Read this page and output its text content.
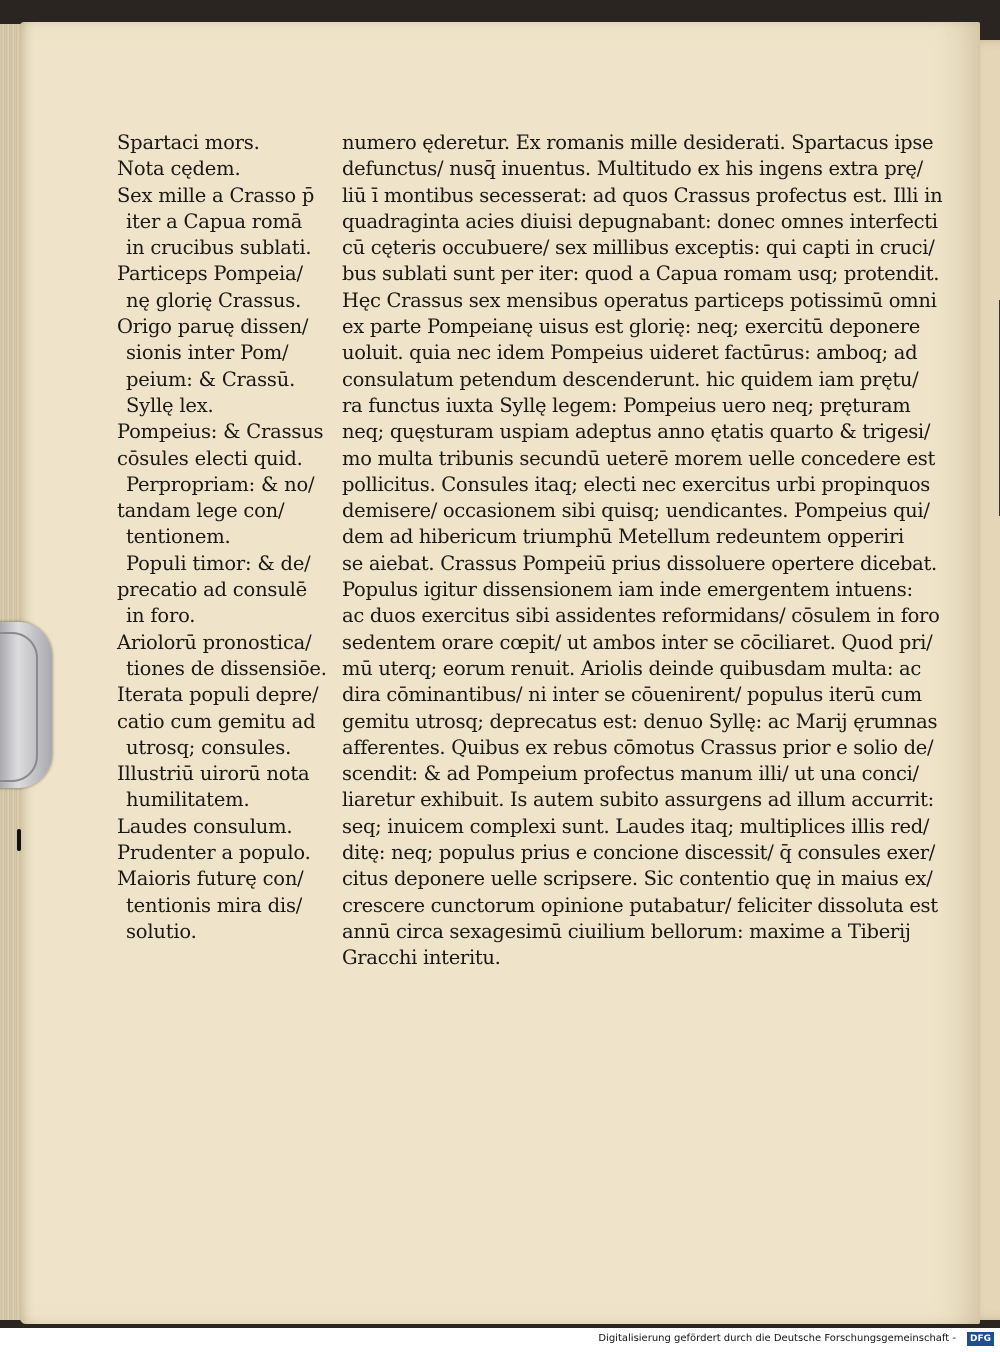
Spartaci mors.
Nota cędem.
Sex mille a Crasso p̄
iter a Capua romā
in crucibus sublati.
Particeps Pompeia/
nę glorię Crassus.
Origo paruę dissen/
sionis inter Pom/
peium: & Crassū.
Syllę lex.
Pompeius: & Crassus
cōsules electi quid.
Perpropriam: & no/
tandam lege con/
tentionem.
Populi timor: & de/
precatio ad consulē
in foro.
Ariolorū pronostica/
tiones de dissensiōe.
Iterata populi depre/
catio cum gemitu ad
utrosq; consules.
Illustriū uirorū nota
humilitatem.
Laudes consulum.
Prudenter a populo.
Maioris futurę con/
tentionis mira dis/
solutio.
numero ęderetur. Ex romanis mille desiderati. Spartacus ipse
defunctus/ nusq̄ inuentus. Multitudo ex his ingens extra prę/
liū ī montibus secesserat: ad quos Crassus profectus est. Illi in
quadraginta acies diuisi depugnabant: donec omnes interfecti
cū cęteris occubuere/ sex millibus exceptis: qui capti in cruci/
bus sublati sunt per iter: quod a Capua romam usq; protendit.
Hęc Crassus sex mensibus operatus particeps potissimū omni
ex parte Pompeianę uisus est glorię: neq; exercitū deponere
uoluit. quia nec idem Pompeius uideret factūrus: amboq; ad
consulatum petendum descenderunt. hic quidem iam prętu/
ra functus iuxta Syllę legem: Pompeius uero neq; pręturam
neq; quęsturam uspiam adeptus anno ętatis quarto & trigesi/
mo multa tribunis secundū ueterē morem uelle concedere est
pollicitus. Consules itaq; electi nec exercitus urbi propinquos
demisere/ occasionem sibi quisq; uendicantes. Pompeius qui/
dem ad hibericum triumphū Metellum redeuntem opperiri
se aiebat. Crassus Pompeiū prius dissoluere opertere dicebat.
Populus igitur dissensionem iam inde emergentem intuens:
ac duos exercitus sibi assidentes reformidans/ cōsulem in foro
sedentem orare cœpit/ ut ambos inter se cōciliaret. Quod pri/
mū uterq; eorum renuit. Ariolis deinde quibusdam multa: ac
dira cōminantibus/ ni inter se cōuenirent/ populus iterū cum
gemitu utrosq; deprecatus est: denuo Syllę: ac Marij ęrumnas
afferentes. Quibus ex rebus cōmotus Crassus prior e solio de/
scendit: & ad Pompeium profectus manum illi/ ut una conci/
liaretur exhibuit. Is autem subito assurgens ad illum accurrit:
seq; inuicem complexi sunt. Laudes itaq; multiplices illis red/
ditę: neq; populus prius e concione discessit/ q̄ consules exer/
citus deponere uelle scripsere. Sic contentio quę in maius ex/
crescere cunctorum opinione putabatur/ feliciter dissoluta est
annū circa sexagesimū ciuilium bellorum: maxime a Tiberij
Gracchi interitu.
Digitalisierung gefördert durch die Deutsche Forschungsgemeinschaft -	DFG
